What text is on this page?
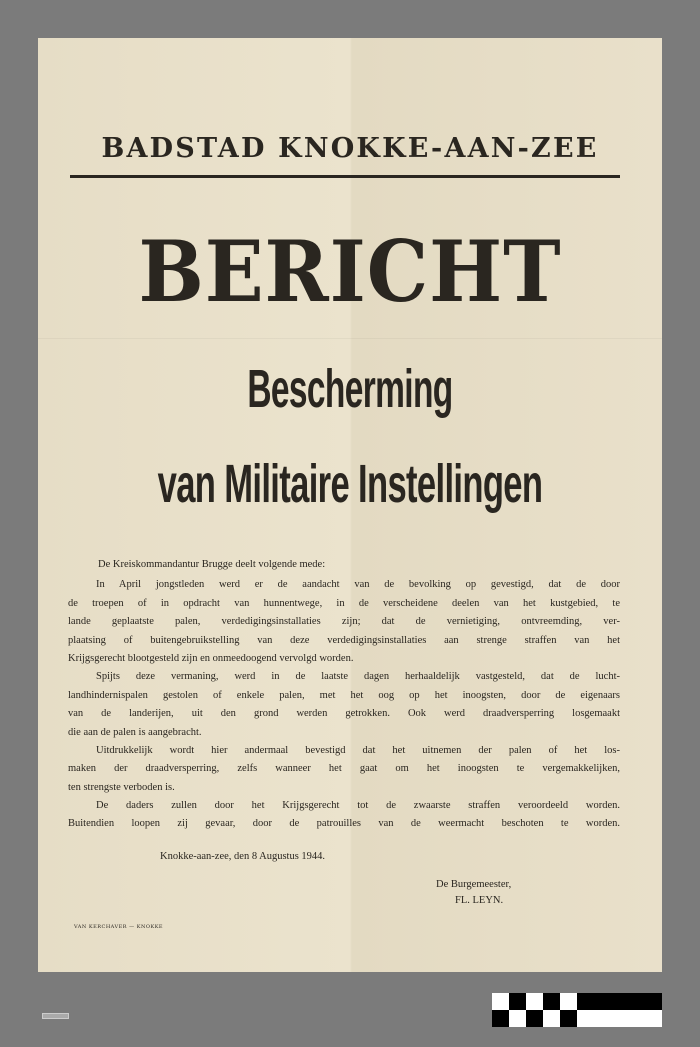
BADSTAD KNOKKE-AAN-ZEE
BERICHT
Bescherming
van Militaire Instellingen
De Kreiskommandantur Brugge deelt volgende mede:
In April jongstleden werd er de aandacht van de bevolking op gevestigd, dat de door
de troepen of in opdracht van hunnentwege, in de verscheidene deelen van het kustgebied, te
lande geplaatste palen, verdedigingsinstallaties zijn; dat de vernietiging, ontvreemding, ver-
plaatsing of buitengebruikstelling van deze verdedigingsinstallaties aan strenge straffen van het
Krijgsgerecht blootgesteld zijn en onmeedoogend vervolgd worden.
Spijts deze vermaning, werd in de laatste dagen herhaaldelijk vastgesteld, dat de lucht-
landhindernispalen gestolen of enkele palen, met het oog op het inoogsten, door de eigenaars
van de landerijen, uit den grond werden getrokken. Ook werd draadversperring losgemaakt
die aan de palen is aangebracht.
Uitdrukkelijk wordt hier andermaal bevestigd dat het uitnemen der palen of het los-
maken der draadversperring, zelfs wanneer het gaat om het inoogsten te vergemakkelijken,
ten strengste verboden is.
De daders zullen door het Krijgsgerecht tot de zwaarste straffen veroordeeld worden.
Buitendien loopen zij gevaar, door de patrouilles van de weermacht beschoten te worden.
Knokke-aan-zee, den 8 Augustus 1944.
De Burgemeester,
FL. LEYN.
VAN KERCHAVER — KNOKKE
